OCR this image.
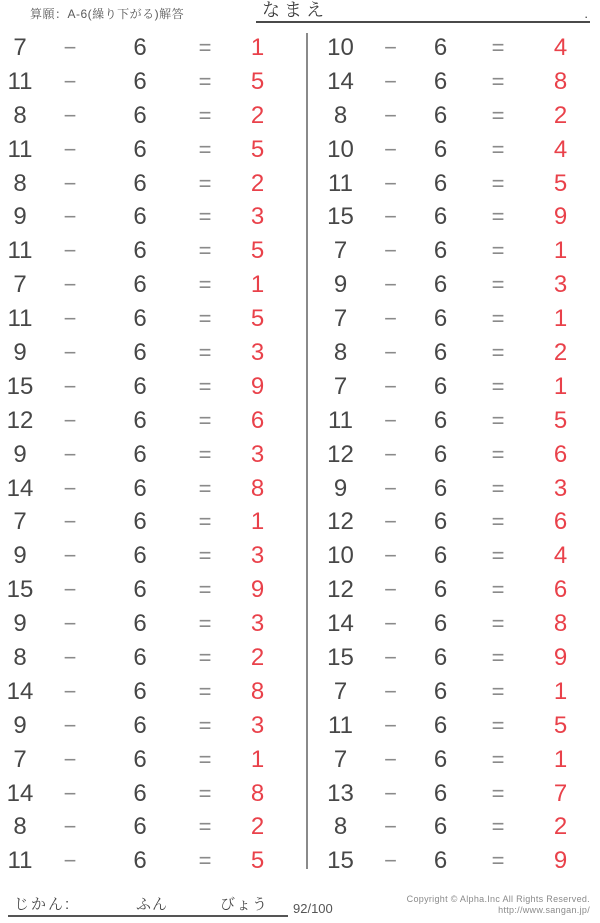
算願：A-6(繰り下がる)解答	なまえ	.
7	−	6	=	1
11	−	6	=	5
8	−	6	=	2
11	−	6	=	5
8	−	6	=	2
9	−	6	=	3
11	−	6	=	5
7	−	6	=	1
11	−	6	=	5
9	−	6	=	3
15	−	6	=	9
12	−	6	=	6
9	−	6	=	3
14	−	6	=	8
7	−	6	=	1
9	−	6	=	3
15	−	6	=	9
9	−	6	=	3
8	−	6	=	2
14	−	6	=	8
9	−	6	=	3
7	−	6	=	1
14	−	6	=	8
8	−	6	=	2
11	−	6	=	5
10	−	6	=	4
14	−	6	=	8
8	−	6	=	2
10	−	6	=	4
11	−	6	=	5
15	−	6	=	9
7	−	6	=	1
9	−	6	=	3
7	−	6	=	1
8	−	6	=	2
7	−	6	=	1
11	−	6	=	5
12	−	6	=	6
9	−	6	=	3
12	−	6	=	6
10	−	6	=	4
12	−	6	=	6
14	−	6	=	8
15	−	6	=	9
7	−	6	=	1
11	−	6	=	5
7	−	6	=	1
13	−	6	=	7
8	−	6	=	2
15	−	6	=	9
じかん:	ふん	びょう 92/100
Copyright © Alpha.Inc All Rights Reserved.
http://www.sangan.jp/
